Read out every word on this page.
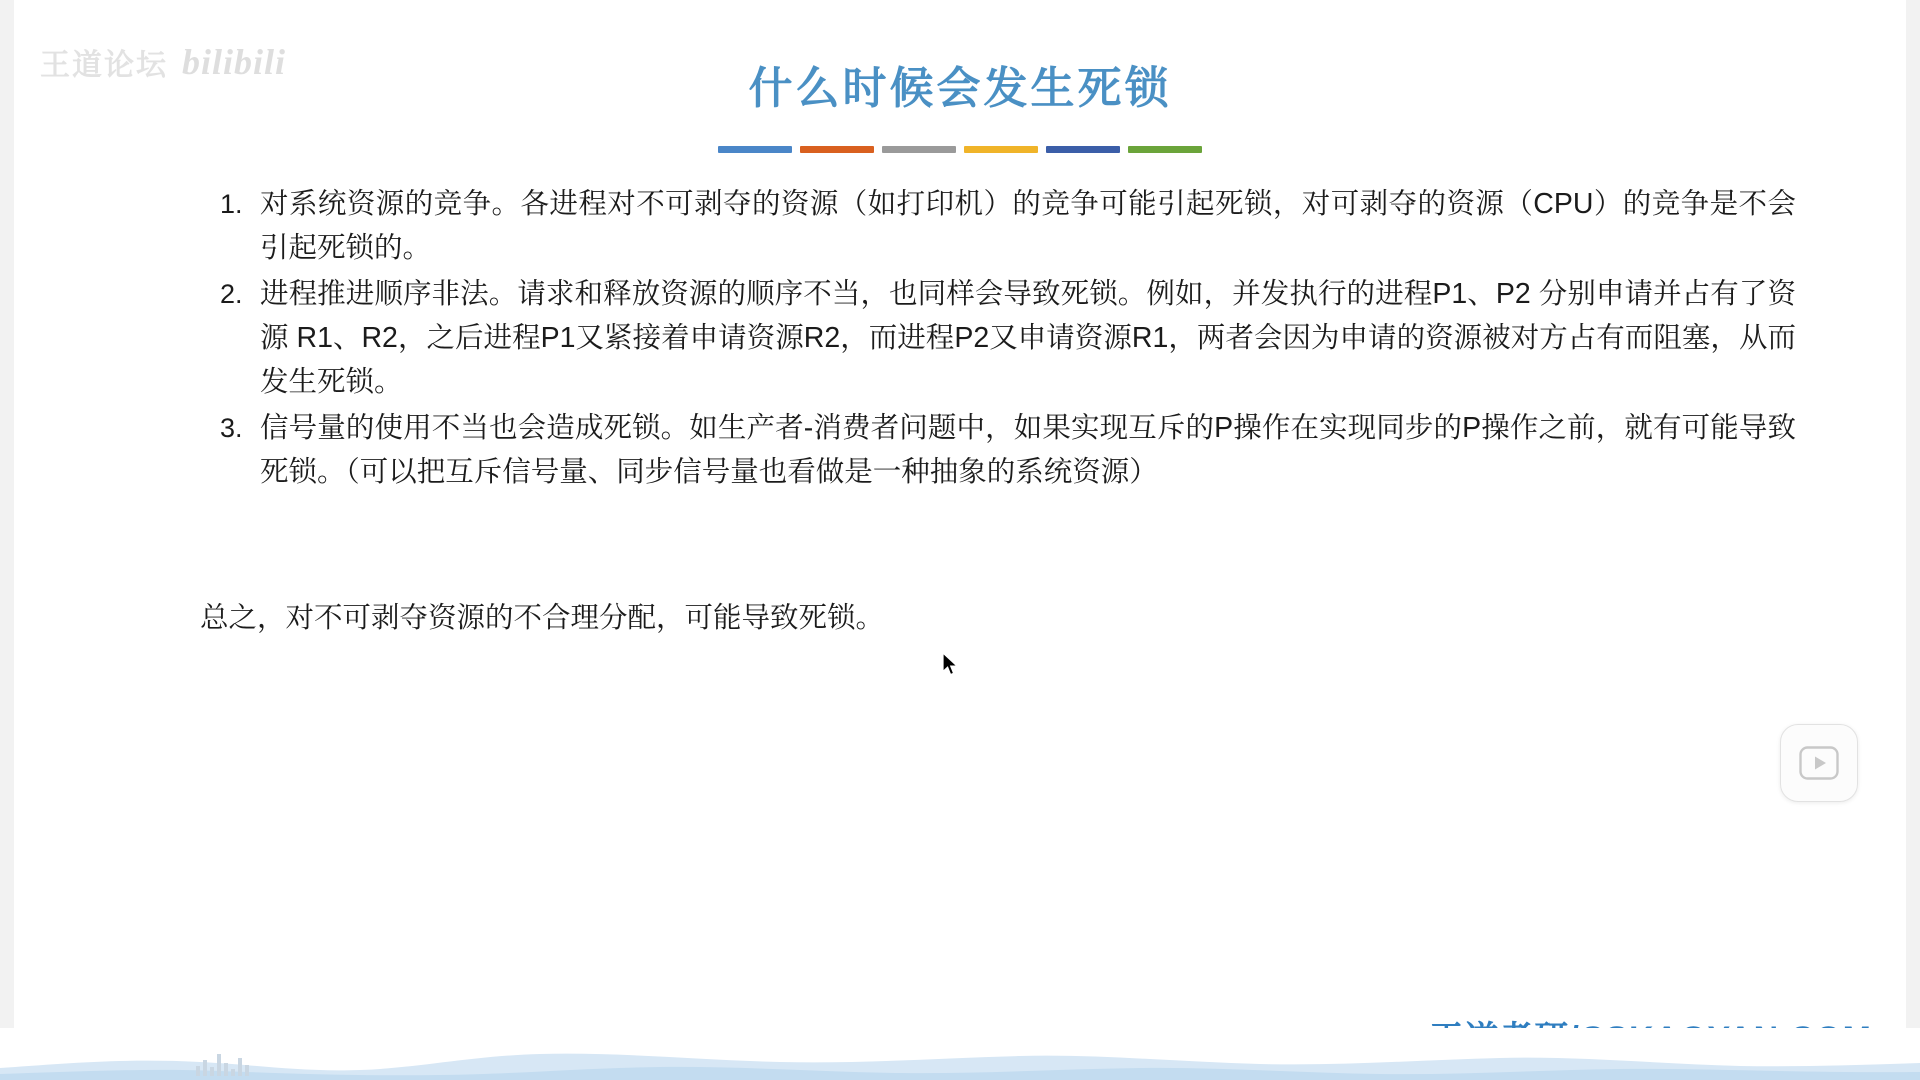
王道论坛 bilibili
什么时候会发生死锁
1. 对系统资源的竞争。各进程对不可剥夺的资源（如打印机）的竞争可能引起死锁，对可剥夺的资源（CPU）的竞争是不会引起死锁的。
2. 进程推进顺序非法。请求和释放资源的顺序不当，也同样会导致死锁。例如，并发执行的进程P1、P2 分别申请并占有了资源 R1、R2，之后进程P1又紧接着申请资源R2，而进程P2又申请资源R1，两者会因为申请的资源被对方占有而阻塞，从而发生死锁。
3. 信号量的使用不当也会造成死锁。如生产者-消费者问题中，如果实现互斥的P操作在实现同步的P操作之前，就有可能导致死锁。（可以把互斥信号量、同步信号量也看做是一种抽象的系统资源）
总之，对不可剥夺资源的不合理分配，可能导致死锁。
